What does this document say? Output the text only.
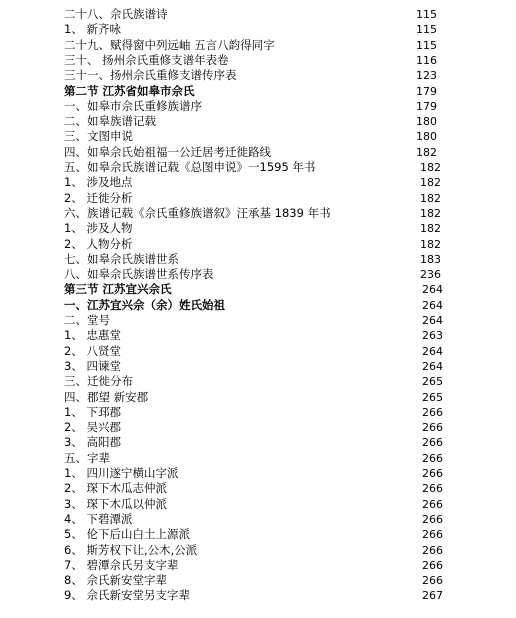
二十八、佘氏族谱诗	115
1、 新齐咏	115
二十九、赋得窗中列远岫 五言八韵得同字	115
三十、 扬州佘氏重修支谱年表卷	116
三十一、扬州佘氏重修支谱传序表	123
第二节 江苏省如皋市佘氏	179
一、如皋市佘氏重修族谱序	179
二、如皋族谱记载	180
三、文图申说	180
四、如皋佘氏始祖福一公迁居考迁徙路线	182
五、如皋佘氏族谱记载《总图申说》一1595 年书	182
1、 涉及地点	182
2、 迁徙分析	182
六、族谱记载《佘氏重修族谱叙》汪承基 1839 年书	182
1、 涉及人物	182
2、 人物分析	182
七、如皋佘氏族谱世系	183
八、如皋佘氏族谱世系传序表	236
第三节 江苏宜兴佘氏	264
一、江苏宜兴佘（余）姓氏始祖	264
二、堂号	264
1、 忠惠堂	263
2、 八贤堂	264
3、 四谏堂	264
三、迁徙分布	265
四、郡望 新安郡	265
1、 下邳郡	266
2、 吴兴郡	266
3、 高阳郡	266
五、字辈	266
1、 四川遂宁横山字派	266
2、 琛下木瓜志仲派	266
3、 琛下木瓜以仲派	266
4、 下碧潭派	266
5、 伦下后山白土上源派	266
6、 斯芳权下让,公木,公派	266
7、 碧潭佘氏另支字辈	266
8、 佘氏新安堂字辈	266
9、 佘氏新安堂另支字辈	267
